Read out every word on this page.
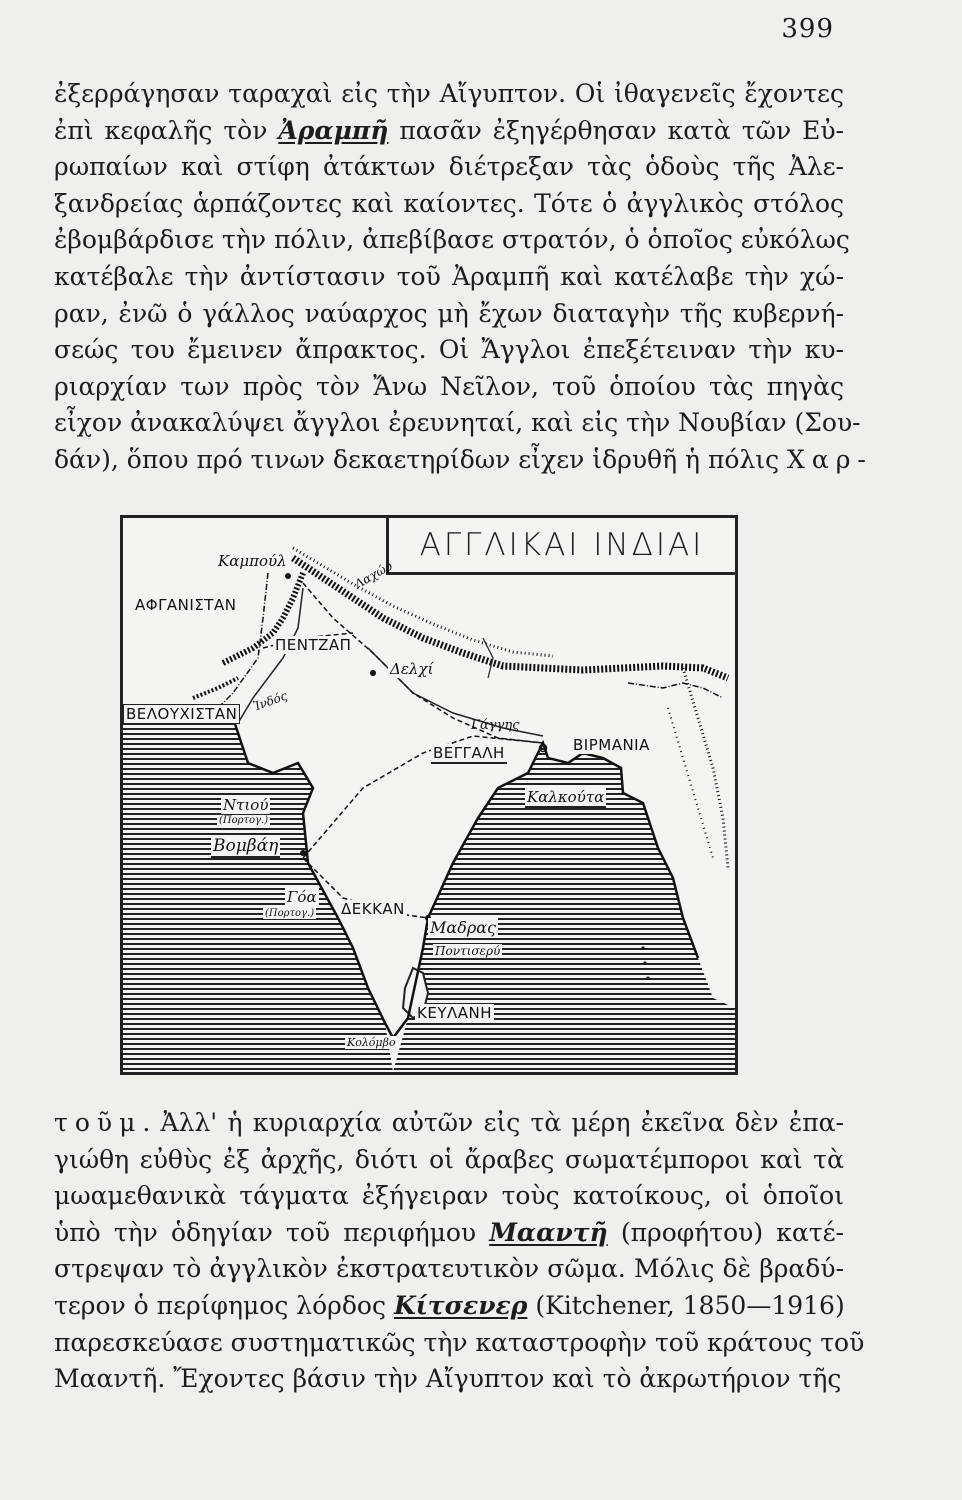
399

ἐξερράγησαν ταραχαὶ εἰς τὴν Αἴγυπτον. Οἱ ἰθαγενεῖς ἔχοντες
ἐπὶ κεφαλῆς τὸν Ἀραμπῆ πασᾶν ἐξηγέρθησαν κατὰ τῶν Εὐ-
ρωπαίων καὶ στίφη ἀτάκτων διέτρεξαν τὰς ὁδοὺς τῆς Ἀλε-
ξανδρείας ἁρπάζοντες καὶ καίοντες. Τότε ὁ ἀγγλικὸς στόλος
ἐβομβάρδισε τὴν πόλιν, ἀπεβίβασε στρατόν, ὁ ὁποῖος εὐκόλως
κατέβαλε τὴν ἀντίστασιν τοῦ Ἀραμπῆ καὶ κατέλαβε τὴν χώ-
ραν, ἐνῶ ὁ γάλλος ναύαρχος μὴ ἔχων διαταγὴν τῆς κυβερνή-
σεώς του ἔμεινεν ἄπρακτος. Οἱ Ἄγγλοι ἐπεξέτειναν τὴν κυ-
ριαρχίαν των πρὸς τὸν Ἄνω Νεῖλον, τοῦ ὁποίου τὰς πηγὰς
εἶχον ἀνακαλύψει ἄγγλοι ἐρευνηταί, καὶ εἰς τὴν Νουβίαν (Σου-
δάν), ὅπου πρό τινων δεκαετηρίδων εἶχεν ἱδρυθῆ ἡ πόλις Χαρ-

ΑΓΓΛΙΚΑΙ ΙΝΔΙΑΙ
Καμπούλ
ΑΦΓΑΝΙΣΤΑΝ
Λαχώρ
ΠΕΝΤΖΑΠ
Δελχί
Ἰνδός
ΒΕΛΟΥΧΙΣΤΑΝ
Γάγγης
ΒΕΓΓΑΛΗ	ΒΙΡΜΑΝΙΑ
Καλκούτα
Ντιού
(Πορτογ.)
Βομβάη
Γόα
(Πορτογ.) ΔΕΚΚΑΝ
Μαδρας
Ποντισερύ
ΚΕΥΛΑΝΗ
Κολόμβο

τοῦμ. Ἀλλ' ἡ κυριαρχία αὐτῶν εἰς τὰ μέρη ἐκεῖνα δὲν ἐπα-
γιώθη εὐθὺς ἐξ ἀρχῆς, διότι οἱ ἄραβες σωματέμποροι καὶ τὰ
μωαμεθανικὰ τάγματα ἐξήγειραν τοὺς κατοίκους, οἱ ὁποῖοι
ὑπὸ τὴν ὁδηγίαν τοῦ περιφήμου Μααντῆ (προφήτου) κατέ-
στρεψαν τὸ ἀγγλικὸν ἐκστρατευτικὸν σῶμα. Μόλις δὲ βραδύ-
τερον ὁ περίφημος λόρδος Κίτσενερ (Kitchener, 1850—1916)
παρεσκεύασε συστηματικῶς τὴν καταστροφὴν τοῦ κράτους τοῦ
Μααντῆ. Ἔχοντες βάσιν τὴν Αἴγυπτον καὶ τὸ ἀκρωτήριον τῆς
